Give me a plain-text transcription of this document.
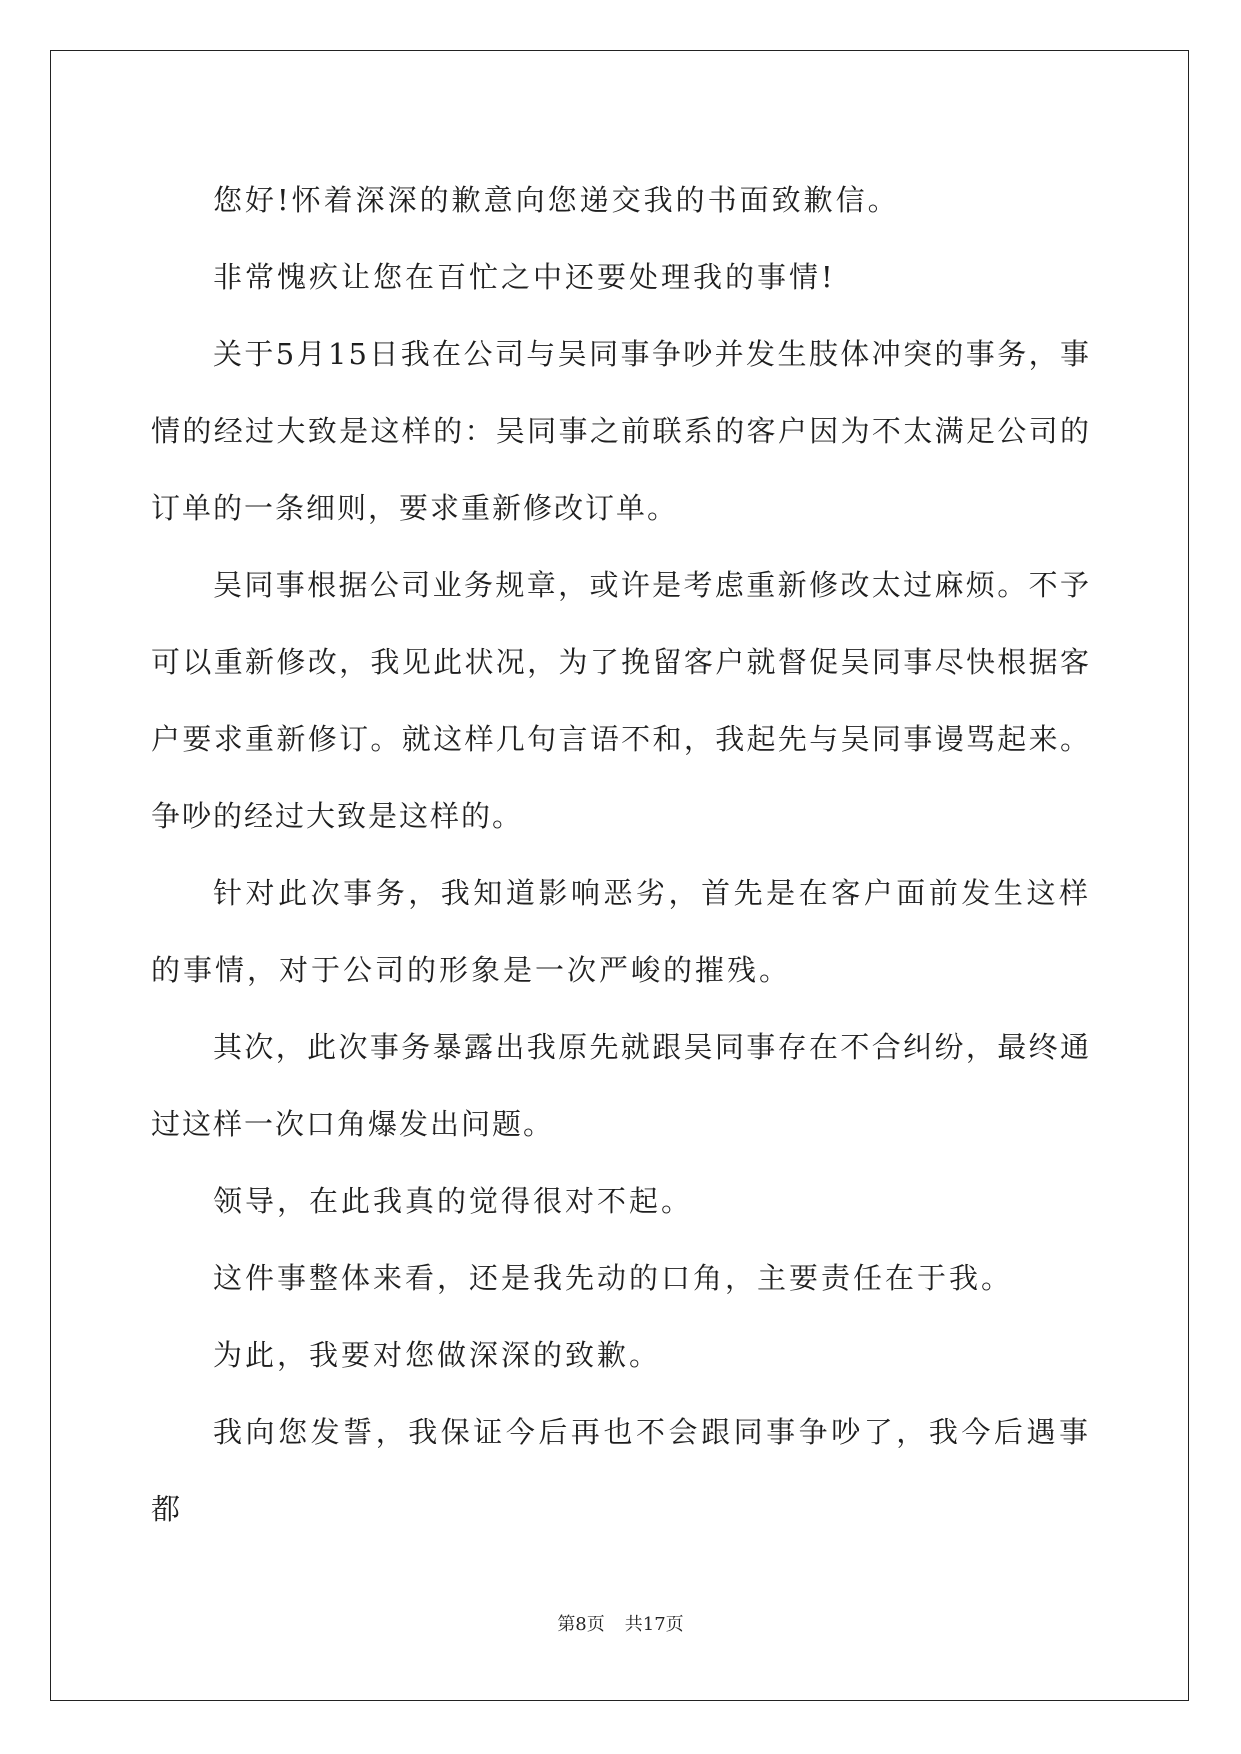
您好!怀着深深的歉意向您递交我的书面致歉信。

非常愧疚让您在百忙之中还要处理我的事情!

关于5月15日我在公司与吴同事争吵并发生肢体冲突的事务，事情的经过大致是这样的：吴同事之前联系的客户因为不太满足公司的订单的一条细则，要求重新修改订单。

吴同事根据公司业务规章，或许是考虑重新修改太过麻烦。不予可以重新修改，我见此状况，为了挽留客户就督促吴同事尽快根据客户要求重新修订。就这样几句言语不和，我起先与吴同事谩骂起来。争吵的经过大致是这样的。

针对此次事务，我知道影响恶劣，首先是在客户面前发生这样的事情，对于公司的形象是一次严峻的摧残。

其次，此次事务暴露出我原先就跟吴同事存在不合纠纷，最终通过这样一次口角爆发出问题。

领导，在此我真的觉得很对不起。

这件事整体来看，还是我先动的口角，主要责任在于我。

为此，我要对您做深深的致歉。

我向您发誓，我保证今后再也不会跟同事争吵了，我今后遇事都

第8页 共17页
